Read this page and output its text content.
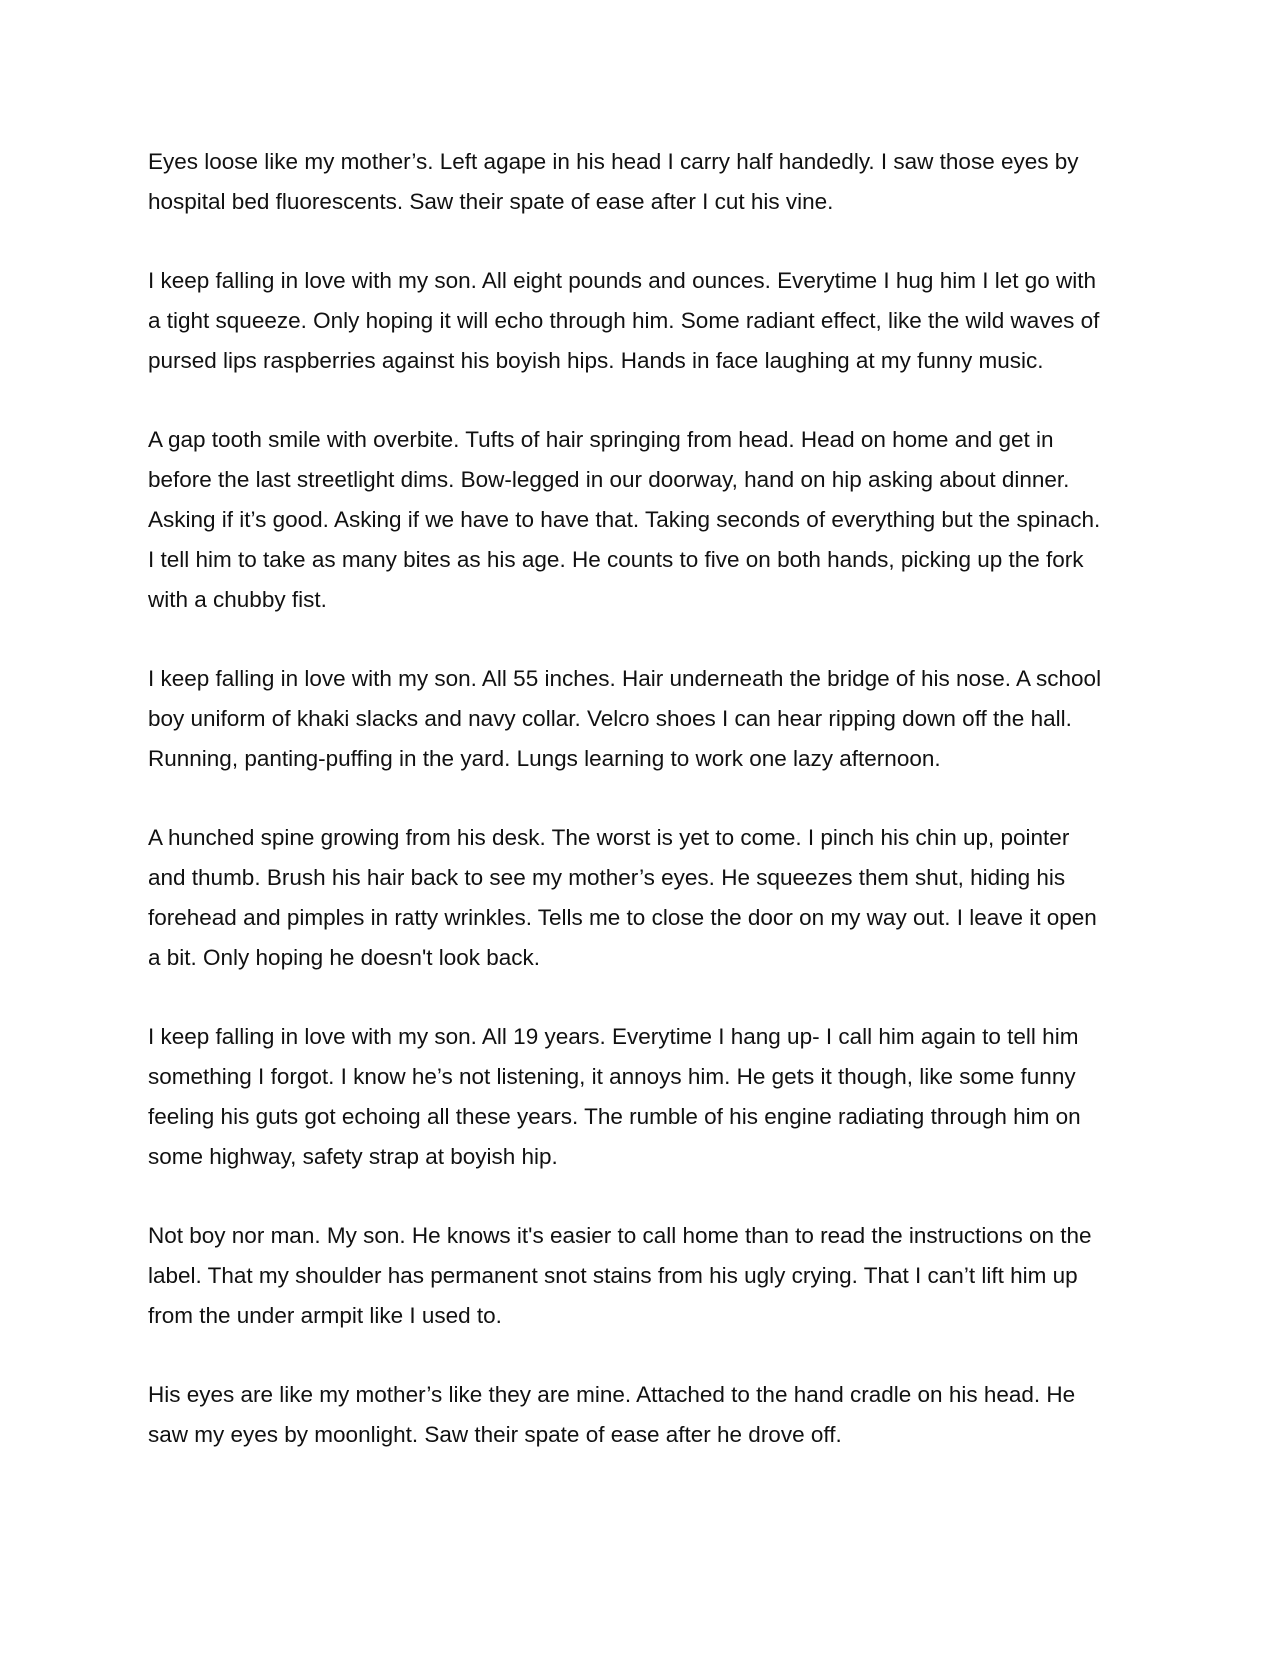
Eyes loose like my mother’s. Left agape in his head I carry half handedly. I saw those eyes by
hospital bed fluorescents. Saw their spate of ease after I cut his vine.

I keep falling in love with my son. All eight pounds and ounces. Everytime I hug him I let go with
a tight squeeze. Only hoping it will echo through him. Some radiant effect, like the wild waves of
pursed lips raspberries against his boyish hips. Hands in face laughing at my funny music.

A gap tooth smile with overbite. Tufts of hair springing from head. Head on home and get in
before the last streetlight dims. Bow-legged in our doorway, hand on hip asking about dinner.
Asking if it’s good. Asking if we have to have that. Taking seconds of everything but the spinach.
I tell him to take as many bites as his age. He counts to five on both hands, picking up the fork
with a chubby fist.

I keep falling in love with my son. All 55 inches. Hair underneath the bridge of his nose. A school
boy uniform of khaki slacks and navy collar. Velcro shoes I can hear ripping down off the hall.
Running, panting-puffing in the yard. Lungs learning to work one lazy afternoon.

A hunched spine growing from his desk. The worst is yet to come. I pinch his chin up, pointer
and thumb. Brush his hair back to see my mother’s eyes. He squeezes them shut, hiding his
forehead and pimples in ratty wrinkles. Tells me to close the door on my way out. I leave it open
a bit. Only hoping he doesn't look back.

I keep falling in love with my son. All 19 years. Everytime I hang up- I call him again to tell him
something I forgot. I know he’s not listening, it annoys him. He gets it though, like some funny
feeling his guts got echoing all these years. The rumble of his engine radiating through him on
some highway, safety strap at boyish hip.

Not boy nor man. My son. He knows it's easier to call home than to read the instructions on the
label. That my shoulder has permanent snot stains from his ugly crying. That I can’t lift him up
from the under armpit like I used to.

His eyes are like my mother’s like they are mine. Attached to the hand cradle on his head. He
saw my eyes by moonlight. Saw their spate of ease after he drove off.
